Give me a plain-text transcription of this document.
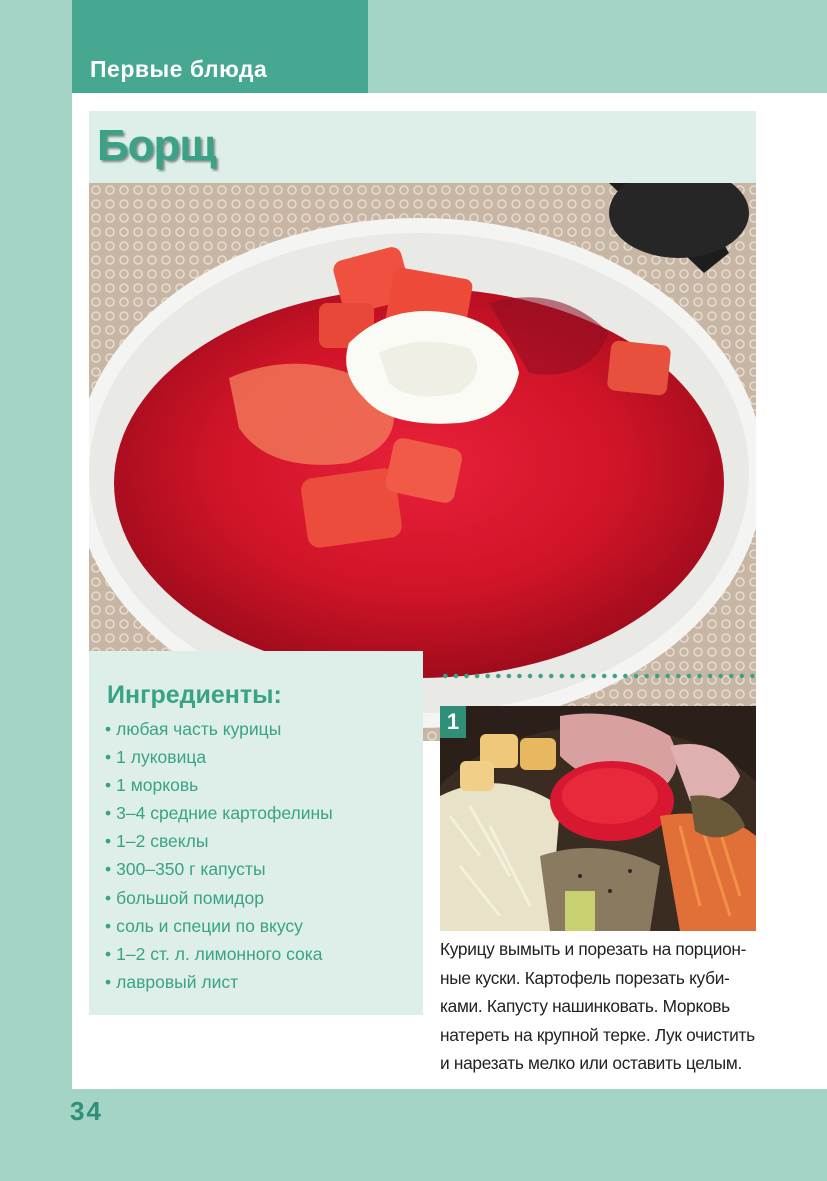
Первые блюда
Борщ
Ингредиенты:
• любая часть курицы
• 1 луковица
• 1 морковь
• 3–4 средние картофелины
• 1–2 свеклы
• 300–350 г капусты
• большой помидор
• соль и специи по вкусу
• 1–2 ст. л. лимонного сока
• лавровый лист
1
Курицу вымыть и порезать на порцион-
ные куски. Картофель порезать куби-
ками. Капусту нашинковать. Морковь
натереть на крупной терке. Лук очистить
и нарезать мелко или оставить целым.
34
